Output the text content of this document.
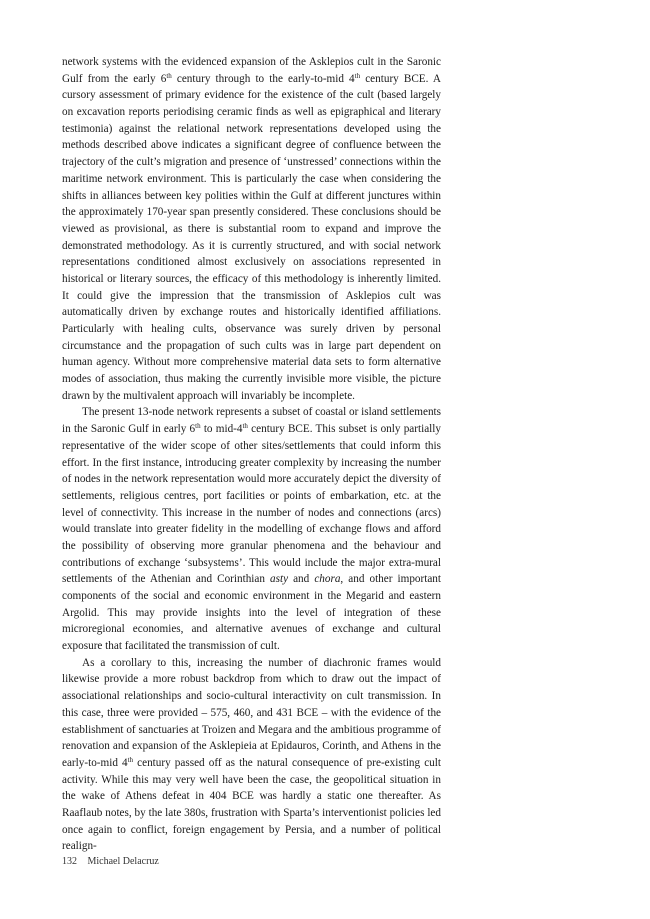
network systems with the evidenced expansion of the Asklepios cult in the Saronic Gulf from the early 6th century through to the early-to-mid 4th century BCE. A cursory assessment of primary evidence for the existence of the cult (based largely on excavation reports periodising ceramic finds as well as epigraphical and literary testimonia) against the relational network representations developed using the methods described above indicates a significant degree of confluence between the trajectory of the cult’s migration and presence of ‘unstressed’ connections within the maritime network environment. This is particularly the case when considering the shifts in alliances between key polities within the Gulf at different junctures within the approximately 170-year span presently considered. These conclusions should be viewed as provisional, as there is substantial room to expand and improve the demonstrated methodology. As it is currently structured, and with social network representations conditioned almost exclusively on associations represented in historical or literary sources, the efficacy of this methodology is inherently limited. It could give the impression that the transmission of Asklepios cult was automatically driven by exchange routes and historically identified affiliations. Particularly with healing cults, observance was surely driven by personal circumstance and the propagation of such cults was in large part dependent on human agency. Without more comprehensive material data sets to form alternative modes of association, thus making the currently invisible more visible, the picture drawn by the multivalent approach will invariably be incomplete.

The present 13-node network represents a subset of coastal or island settlements in the Saronic Gulf in early 6th to mid-4th century BCE. This subset is only partially representative of the wider scope of other sites/settlements that could inform this effort. In the first instance, introducing greater complexity by increasing the number of nodes in the network representation would more accurately depict the diversity of settlements, religious centres, port facilities or points of embarkation, etc. at the level of connectivity. This increase in the number of nodes and connections (arcs) would translate into greater fidelity in the modelling of exchange flows and afford the possibility of observing more granular phenomena and the behaviour and contributions of exchange ‘subsystems’. This would include the major extra-mural settlements of the Athenian and Corinthian asty and chora, and other important components of the social and economic environment in the Megarid and eastern Argolid. This may provide insights into the level of integration of these microregional economies, and alternative avenues of exchange and cultural exposure that facilitated the transmission of cult.

As a corollary to this, increasing the number of diachronic frames would likewise provide a more robust backdrop from which to draw out the impact of associational relationships and socio-cultural interactivity on cult transmission. In this case, three were provided – 575, 460, and 431 BCE – with the evidence of the establishment of sanctuaries at Troizen and Megara and the ambitious programme of renovation and expansion of the Asklepieia at Epidauros, Corinth, and Athens in the early-to-mid 4th century passed off as the natural consequence of pre-existing cult activity. While this may very well have been the case, the geopolitical situation in the wake of Athens defeat in 404 BCE was hardly a static one thereafter. As Raaflaub notes, by the late 380s, frustration with Sparta’s interventionist policies led once again to conflict, foreign engagement by Persia, and a number of political realign-

132 Michael Delacruz
